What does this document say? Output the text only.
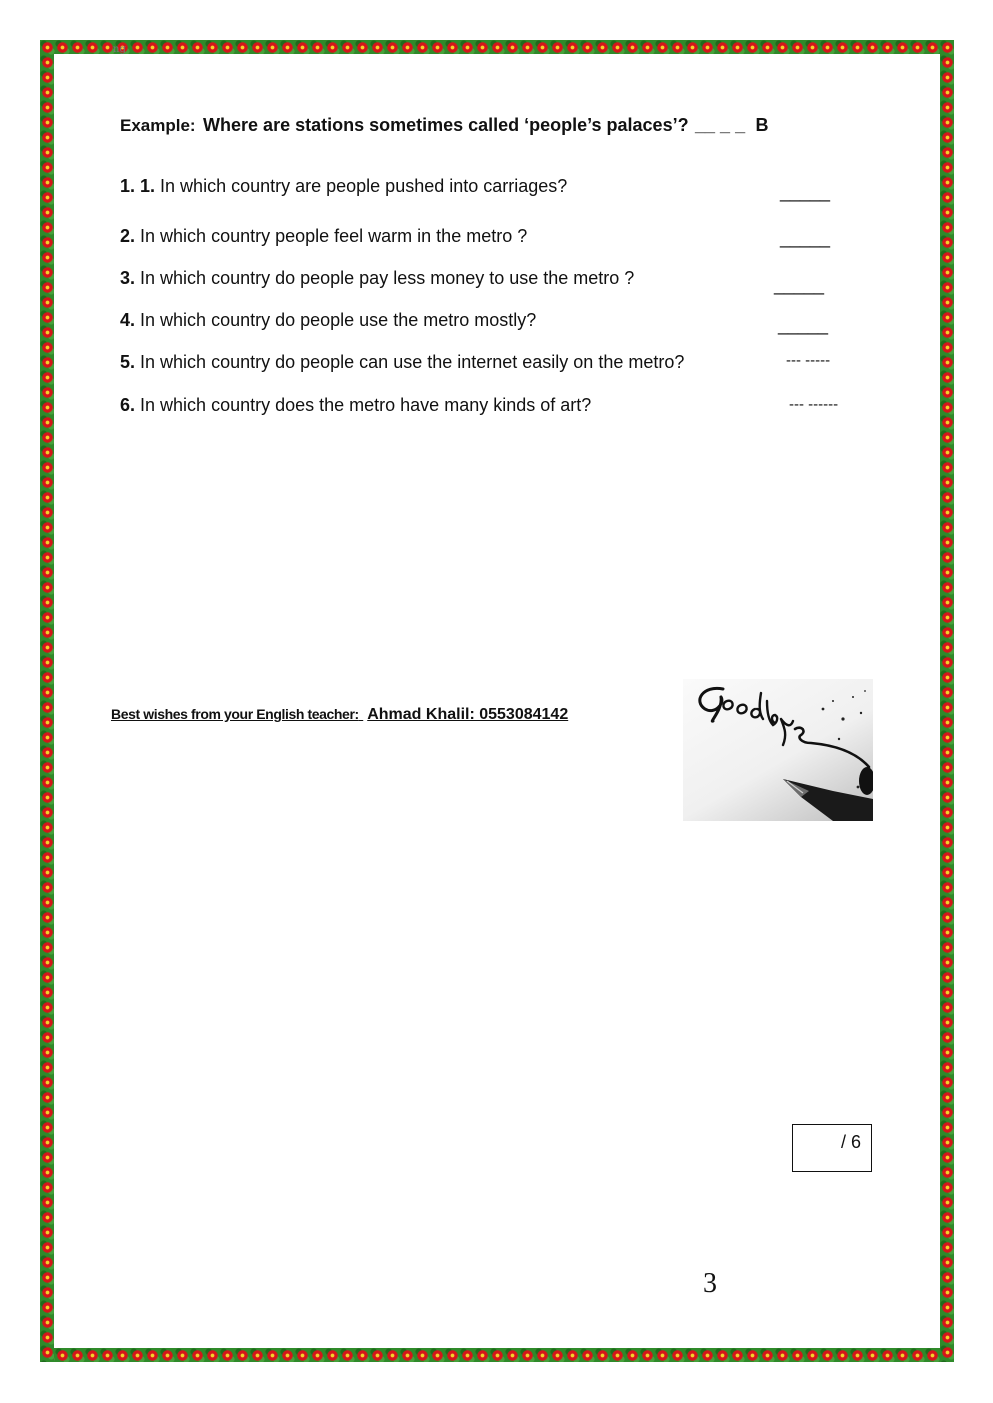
ng
Example: Where are stations sometimes called ‘people’s palaces’? __ _ _ B
1. 1. In which country are people pushed into carriages?	_____
2. In which country people feel warm in the metro ?	_____
3. In which country do people pay less money to use the metro ?	_____
4. In which country do people use the metro mostly?	_____
5. In which country do people can use the internet easily on the metro?	--- -----
6. In which country does the metro have many kinds of art?	--- ------
Best wishes from your English teacher: Ahmad Khalil: 0553084142
/ 6
3
